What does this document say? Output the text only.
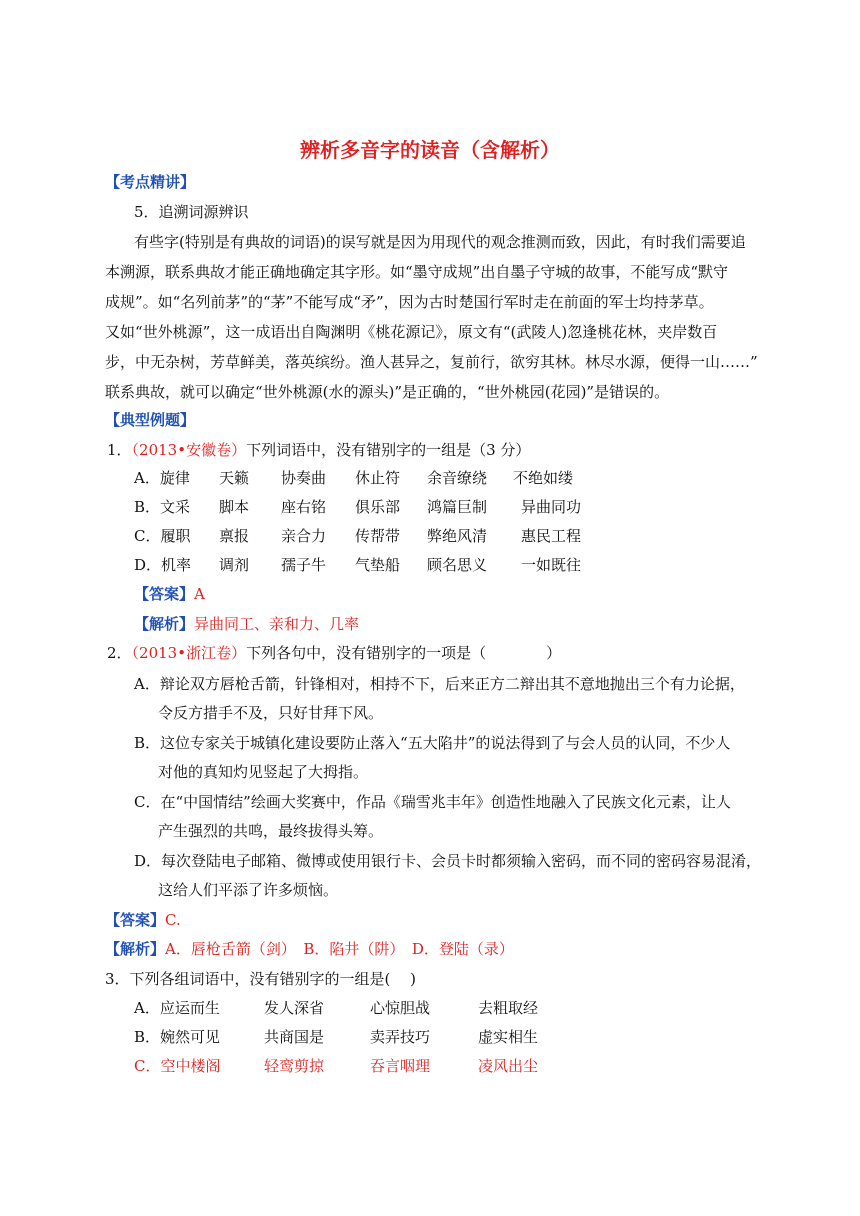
辨析多音字的读音（含解析）
【考点精讲】
5．追溯词源辨识
有些字(特别是有典故的词语)的误写就是因为用现代的观念推测而致，因此，有时我们需要追
本溯源，联系典故才能正确地确定其字形。如“墨守成规”出自墨子守城的故事，不能写成“默守
成规”。如“名列前茅”的“茅”不能写成“矛”，因为古时楚国行军时走在前面的军士均持茅草。
又如“世外桃源”，这一成语出自陶渊明《桃花源记》，原文有“(武陵人)忽逢桃花林，夹岸数百
步，中无杂树，芳草鲜美，落英缤纷。渔人甚异之，复前行，欲穷其林。林尽水源，便得一山……”
联系典故，就可以确定“世外桃源(水的源头)”是正确的，“世外桃园(花园)”是错误的。
【典型例题】
1．（2013•安徽卷）下列词语中，没有错别字的一组是（3 分）
A．旋律 天籁 协奏曲 休止符 余音缭绕 不绝如缕
B．文采 脚本 座右铭 俱乐部 鸿篇巨制 异曲同功
C．履职 禀报 亲合力 传帮带 弊绝风清 惠民工程
D．机率 调剂 孺子牛 气垫船 顾名思义 一如既往
【答案】A
【解析】异曲同工、亲和力、几率
2．（2013•浙江卷）下列各句中，没有错别字的一项是（　　　　）
A．辩论双方唇枪舌箭，针锋相对，相持不下，后来正方二辩出其不意地抛出三个有力论据，
令反方措手不及，只好甘拜下风。
B．这位专家关于城镇化建设要防止落入“五大陷井”的说法得到了与会人员的认同，不少人
对他的真知灼见竖起了大拇指。
C．在“中国情结”绘画大奖赛中，作品《瑞雪兆丰年》创造性地融入了民族文化元素，让人
产生强烈的共鸣，最终拔得头筹。
D．每次登陆电子邮箱、微博或使用银行卡、会员卡时都须输入密码，而不同的密码容易混淆，
这给人们平添了许多烦恼。
【答案】C.
【解析】A．唇枪舌箭（剑）　B．陷井（阱）　D．登陆（录）
3．下列各组词语中，没有错别字的一组是(　 )
A．应运而生	发人深省	心惊胆战	去粗取经
B．婉然可见	共商国是	卖弄技巧	虚实相生
C．空中楼阁	轻鸾剪掠	吞言咽理	凌风出尘
